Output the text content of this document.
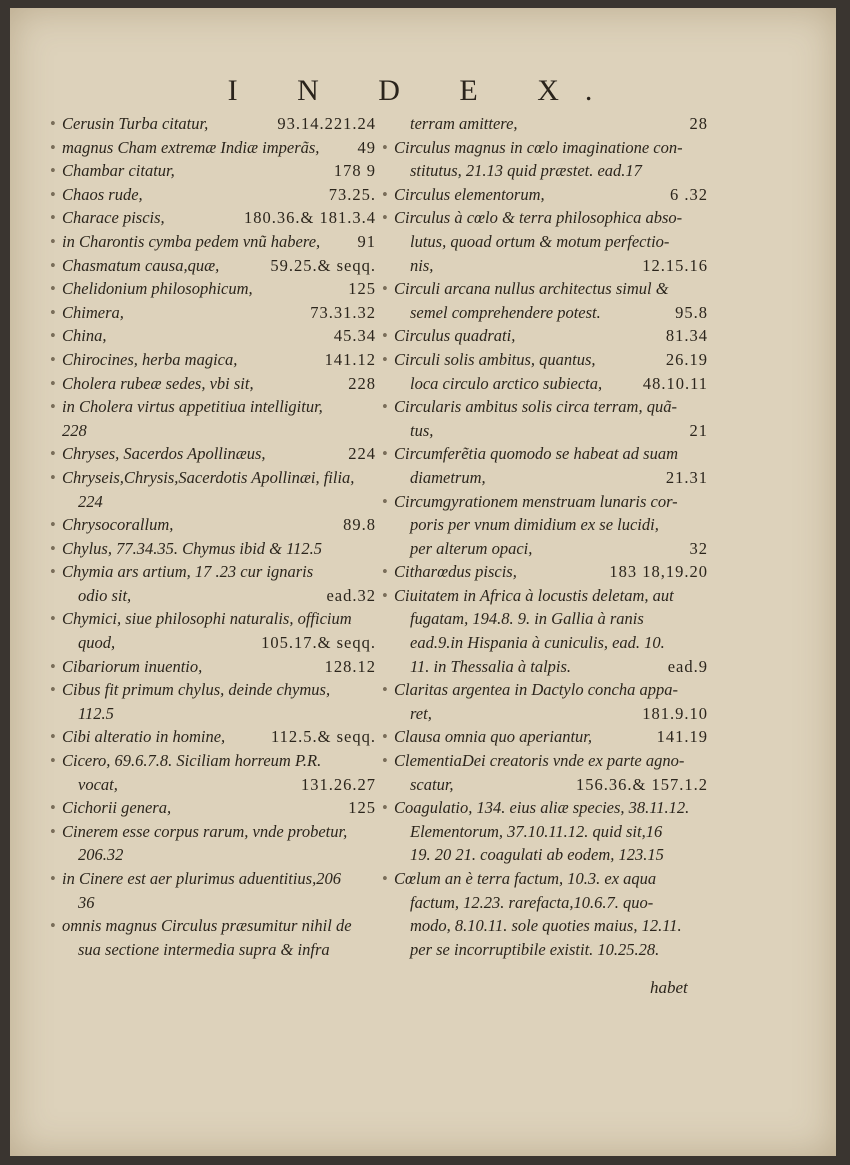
I N D E X.
• Cerusin Turba citatur,	93.14.221.24
• magnus Cham extremæ Indiæ imperãs, 49
• Chambar citatur,	178 9
• Chaos rude,	73.25.
• Charace piscis,	180.36.& 181.3.4
• in Charontis cymba pedem vnũ habere, 91
• Chasmatum causa,quæ,	59.25.& seqq.
• Chelidonium philosophicum,	125
• Chimera,	73.31.32
• China,	45.34
• Chirocines, herba magica,	141.12
• Cholera rubeæ sedes, vbi sit,	228
• in Cholera virtus appetitiua intelligitur,
228
• Chryses, Sacerdos Apollinæus,	224
• Chryseis,Chrysis,Sacerdotis Apollinæi, filia,
224
• Chrysocorallum,	89.8
• Chylus, 77.34.35. Chymus ibid & 112.5
• Chymia ars artium, 17 .23 cur ignaris
odio sit,	ead.32
• Chymici, siue philosophi naturalis, officium
quod,	105.17.& seqq.
• Cibariorum inuentio,	128.12
• Cibus fit primum chylus, deinde chymus,
112.5
• Cibi alteratio in homine,	112.5.& seqq.
• Cicero, 69.6.7.8. Siciliam horreum P.R.
vocat,	131.26.27
• Cichorii genera,	125
• Cinerem esse corpus rarum, vnde probetur,
206.32
• in Cinere est aer plurimus aduentitius,206
36
• omnis magnus Circulus præsumitur nihil de
sua sectione intermedia supra & infra
terram amittere,	28
• Circulus magnus in cœlo imaginatione con-
stitutus, 21.13 quid præstet. ead.17
• Circulus elementorum,	6 .32
• Circulus à cœlo & terra philosophica abso-
lutus, quoad ortum & motum perfectio-
nis,	12.15.16
• Circuli arcana nullus architectus simul &
semel comprehendere potest.	95.8
• Circulus quadrati,	81.34
• Circuli solis ambitus, quantus,	26.19
loca circulo arctico subiecta, 48.10.11
• Circularis ambitus solis circa terram, quã-
tus,	21
• Circumferẽtia quomodo se habeat ad suam
diametrum,	21.31
• Circumgyrationem menstruam lunaris cor-
poris per vnum dimidium ex se lucidi,
per alterum opaci,	32
• Citharœdus piscis,	183 18,19.20
• Ciuitatem in Africa à locustis deletam, aut
fugatam, 194.8. 9. in Gallia à ranis
ead.9.in Hispania à cuniculis, ead. 10.
11. in Thessalia à talpis.	ead.9
• Claritas argentea in Dactylo concha appa-
ret,	181.9.10
• Clausa omnia quo aperiantur,	141.19
• ClementiaDei creatoris vnde ex parte agno-
scatur,	156.36.& 157.1.2
• Coagulatio, 134. eius aliæ species, 38.11.12.
Elementorum, 37.10.11.12. quid sit,16
19. 20 21. coagulati ab eodem, 123.15
• Cœlum an è terra factum, 10.3. ex aqua
factum, 12.23. rarefacta,10.6.7. quo-
modo, 8.10.11. sole quoties maius, 12.11.
per se incorruptibile existit. 10.25.28.
habet
